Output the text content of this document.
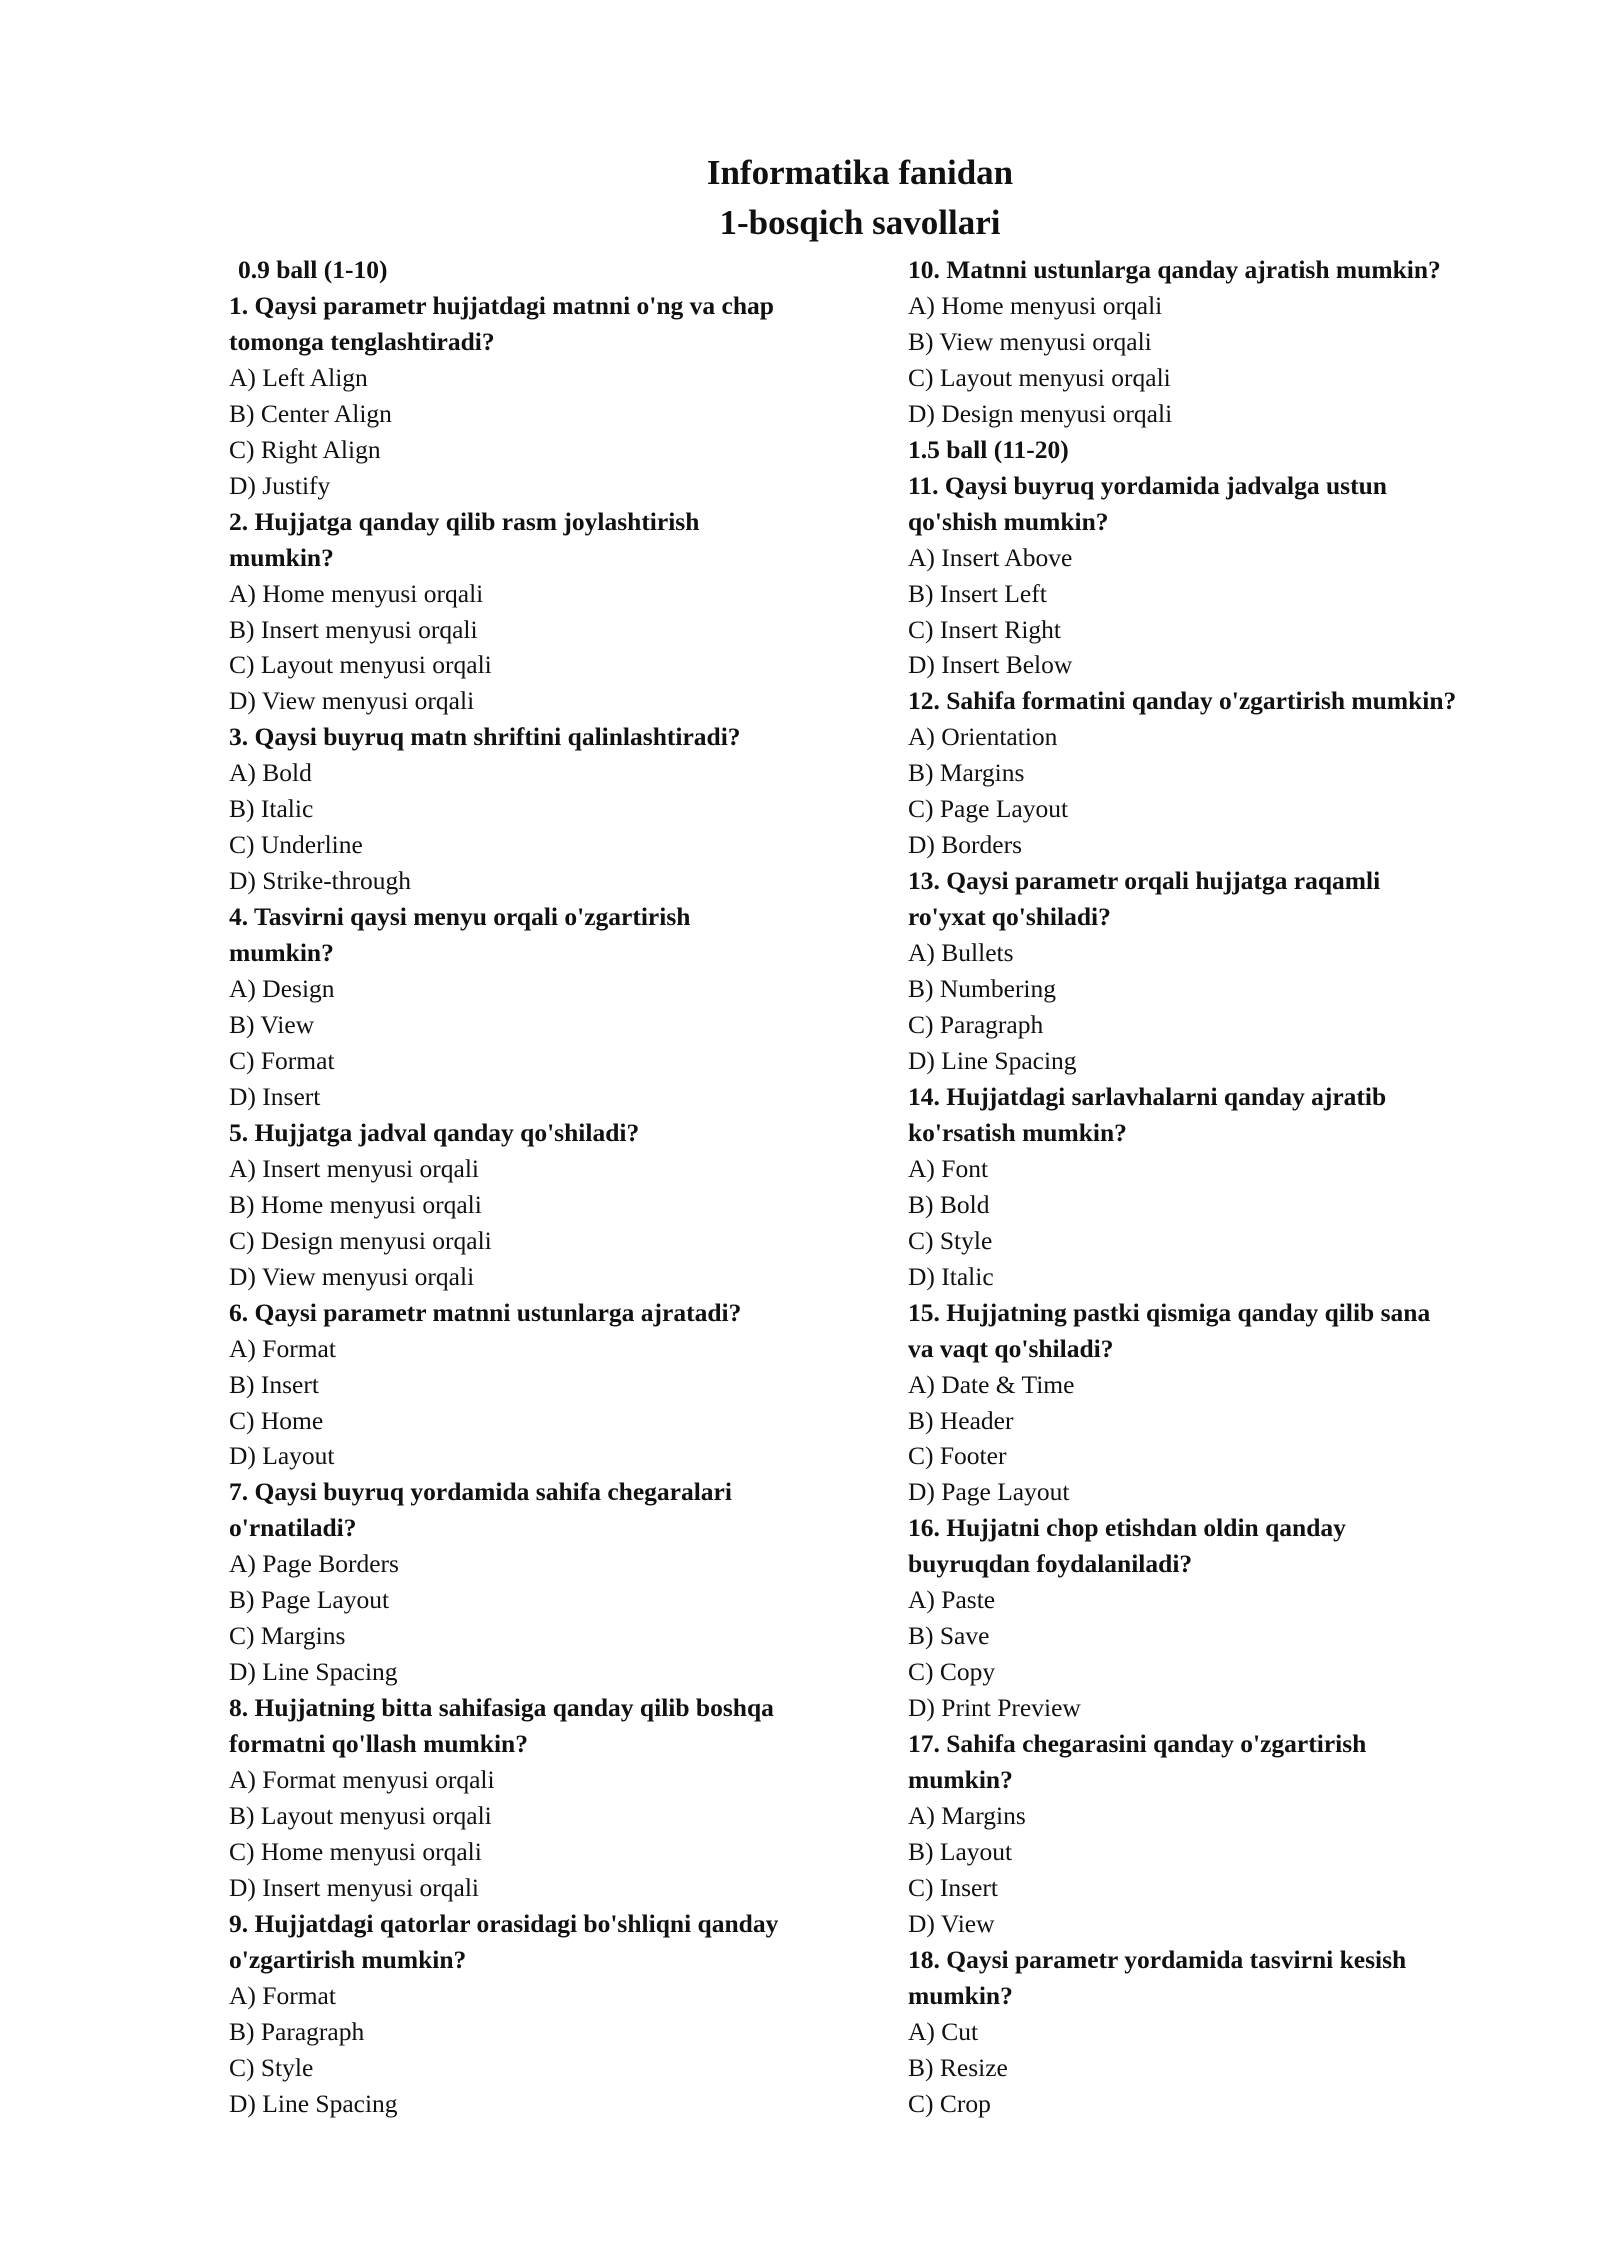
Informatika fanidan
1-bosqich savollari
0.9 ball (1-10)
1. Qaysi parametr hujjatdagi matnni o'ng va chap
tomonga tenglashtiradi?
A) Left Align
B) Center Align
C) Right Align
D) Justify
2. Hujjatga qanday qilib rasm joylashtirish
mumkin?
A) Home menyusi orqali
B) Insert menyusi orqali
C) Layout menyusi orqali
D) View menyusi orqali
3. Qaysi buyruq matn shriftini qalinlashtiradi?
A) Bold
B) Italic
C) Underline
D) Strike-through
4. Tasvirni qaysi menyu orqali o'zgartirish
mumkin?
A) Design
B) View
C) Format
D) Insert
5. Hujjatga jadval qanday qo'shiladi?
A) Insert menyusi orqali
B) Home menyusi orqali
C) Design menyusi orqali
D) View menyusi orqali
6. Qaysi parametr matnni ustunlarga ajratadi?
A) Format
B) Insert
C) Home
D) Layout
7. Qaysi buyruq yordamida sahifa chegaralari
o'rnatiladi?
A) Page Borders
B) Page Layout
C) Margins
D) Line Spacing
8. Hujjatning bitta sahifasiga qanday qilib boshqa
formatni qo'llash mumkin?
A) Format menyusi orqali
B) Layout menyusi orqali
C) Home menyusi orqali
D) Insert menyusi orqali
9. Hujjatdagi qatorlar orasidagi bo'shliqni qanday
o'zgartirish mumkin?
A) Format
B) Paragraph
C) Style
D) Line Spacing
10. Matnni ustunlarga qanday ajratish mumkin?
A) Home menyusi orqali
B) View menyusi orqali
C) Layout menyusi orqali
D) Design menyusi orqali
1.5 ball (11-20)
11. Qaysi buyruq yordamida jadvalga ustun
qo'shish mumkin?
A) Insert Above
B) Insert Left
C) Insert Right
D) Insert Below
12. Sahifa formatini qanday o'zgartirish mumkin?
A) Orientation
B) Margins
C) Page Layout
D) Borders
13. Qaysi parametr orqali hujjatga raqamli
ro'yxat qo'shiladi?
A) Bullets
B) Numbering
C) Paragraph
D) Line Spacing
14. Hujjatdagi sarlavhalarni qanday ajratib
ko'rsatish mumkin?
A) Font
B) Bold
C) Style
D) Italic
15. Hujjatning pastki qismiga qanday qilib sana
va vaqt qo'shiladi?
A) Date & Time
B) Header
C) Footer
D) Page Layout
16. Hujjatni chop etishdan oldin qanday
buyruqdan foydalaniladi?
A) Paste
B) Save
C) Copy
D) Print Preview
17. Sahifa chegarasini qanday o'zgartirish
mumkin?
A) Margins
B) Layout
C) Insert
D) View
18. Qaysi parametr yordamida tasvirni kesish
mumkin?
A) Cut
B) Resize
C) Crop
